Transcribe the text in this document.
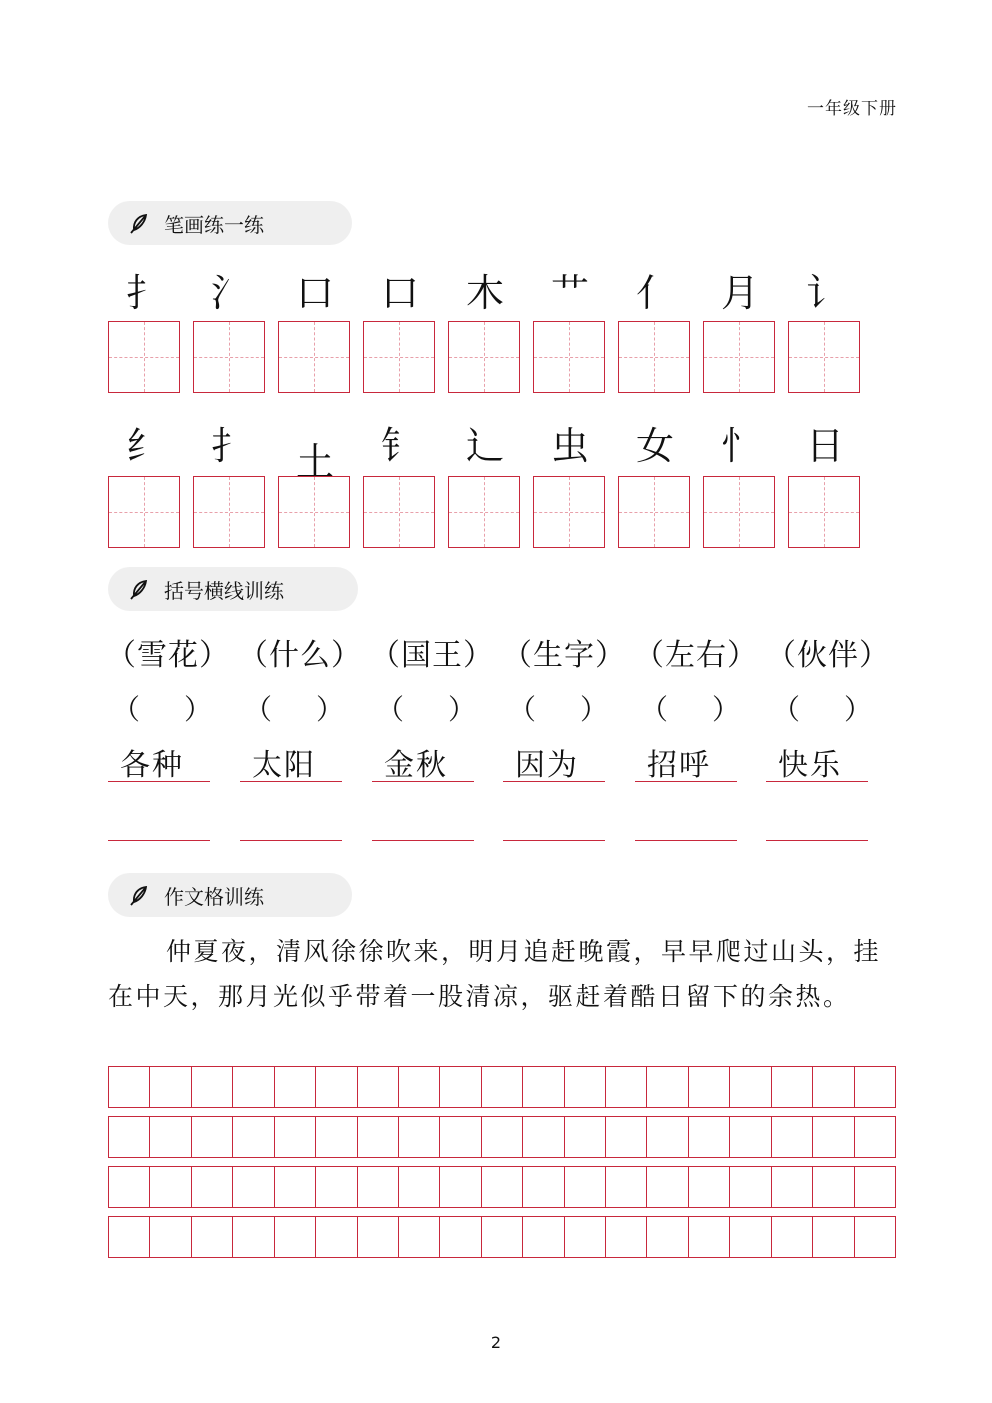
一年级下册
笔画练一练
扌	氵	口	口	木	艹	亻	月	讠
纟	扌	土	钅	辶	虫	女	忄	日
括号横线训练
（雪花） （什么） （国王） （生字） （左右） （伙伴）
（ ） （ ） （ ） （ ） （ ） （ ）
各种	太阳	金秋	因为	招呼	快乐
作文格训练
仲夏夜，清风徐徐吹来，明月追赶晚霞，早早爬过山头，挂在中天，那月光似乎带着一股清凉，驱赶着酷日留下的余热。
2
